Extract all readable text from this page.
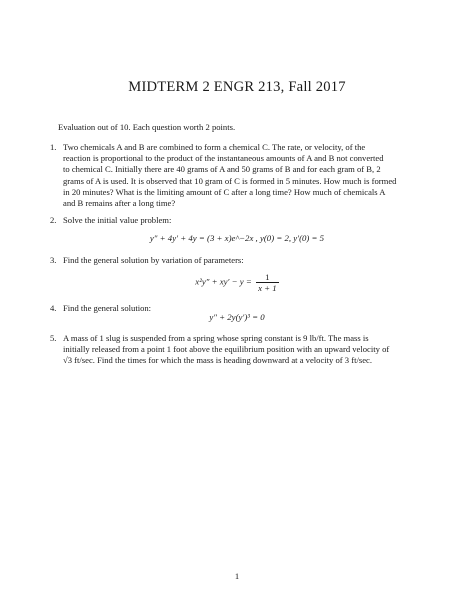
MIDTERM 2 ENGR 213, Fall 2017
Evaluation out of 10. Each question worth 2 points.
1. Two chemicals A and B are combined to form a chemical C. The rate, or velocity, of the
reaction is proportional to the product of the instantaneous amounts of A and B not converted
to chemical C. Initially there are 40 grams of A and 50 grams of B and for each gram of B, 2
grams of A is used. It is observed that 10 gram of C is formed in 5 minutes. How much is formed
in 20 minutes? What is the limiting amount of C after a long time? How much of chemicals A
and B remains after a long time?
2. Solve the initial value problem:
y″ + 4y′ + 4y = (3 + x)e^−2x , y(0) = 2, y′(0) = 5
3. Find the general solution by variation of parameters:
$x^2y'' + xy' - y = \frac{1}{x + 1}$
4. Find the general solution:
y″ + 2y(y′)³ = 0
5. A mass of 1 slug is suspended from a spring whose spring constant is 9 lb/ft. The mass is
initially released from a point 1 foot above the equilibrium position with an upward velocity of
√3 ft/sec. Find the times for which the mass is heading downward at a velocity of 3 ft/sec.
1
